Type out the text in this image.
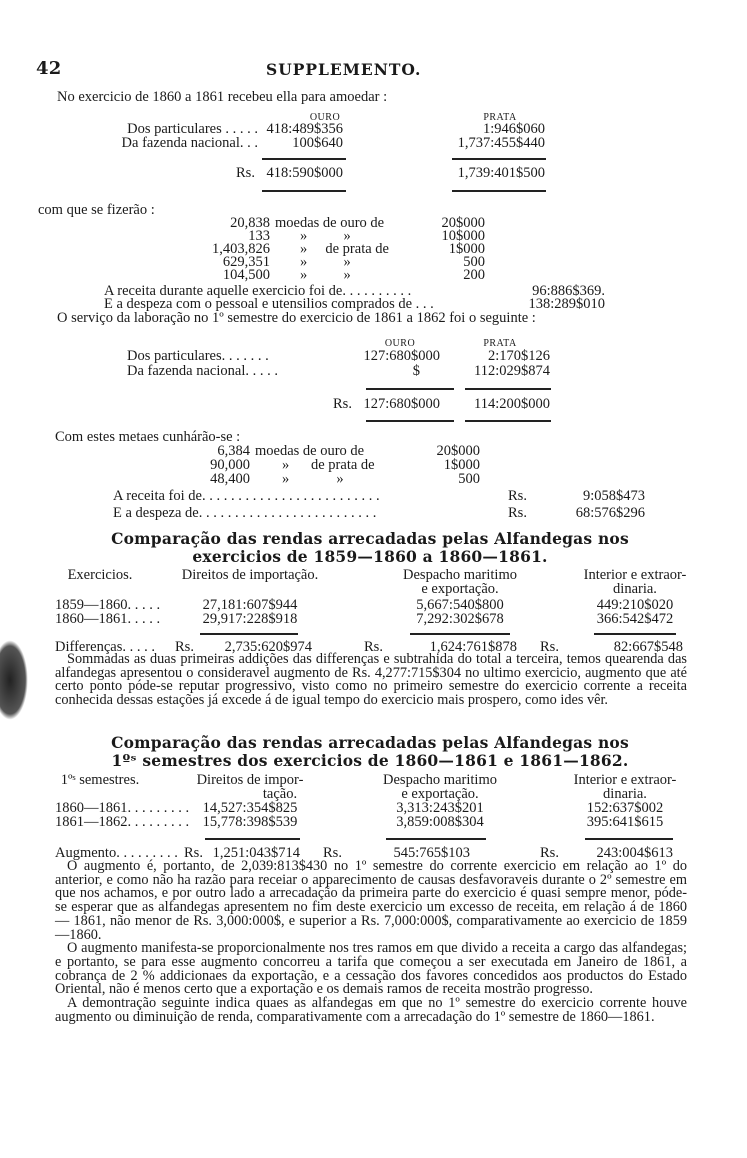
42	SUPPLEMENTO.
No exercicio de 1860 a 1861 recebeu ella para amoedar :
OURO	PRATA
Dos particulares . . . . . 418:489$356	1:946$060
Da fazenda nacional. . .	100$640	1,737:455$440
Rs. 418:590$000	1,739:401$500
com que se fizerão :
20,838 moedas de ouro de	20$000
133 »          »	10$000
1,403,826 »     de prata de	1$000
629,351 »          »	500
104,500 »          »	200
A receita durante aquelle exercicio foi de. . . . . . . . . .	96:886$369.
E a despeza com o pessoal e utensilios comprados de . . .	138:289$010
O serviço da laboração no 1º semestre do exercicio de 1861 a 1862 foi o seguinte :
OURO	PRATA
Dos particulares. . . . . . .	127:680$000	2:170$126
Da fazenda nacional. . . . .	$	112:029$874
Rs. 127:680$000	114:200$000
Com estes metaes cunhárão-se :
6,384 moedas de ouro de	20$000
90,000 »      de prata de	1$000
48,400 »             »	500
A receita foi de. . . . . . . . . . . . . . . . . . . . . . . . .	Rs.	9:058$473
E a despeza de. . . . . . . . . . . . . . . . . . . . . . . . .	Rs.	68:576$296
Comparação das rendas arrecadadas pelas Alfandegas nos
exercicios de 1859—1860 a 1860—1861.
Exercicios.	Direitos de importação.	Despacho maritimo	Interior e extraor-
e exportação.	dinaria.
1859—1860. . . . .	27,181:607$944	5,667:540$800	449:210$020
1860—1861. . . . .	29,917:228$918	7,292:302$678	366:542$472
Differenças. . . . . Rs.	2,735:620$974	Rs.	1,624:761$878 Rs.	82:667$548

Sommadas as duas primeiras addições das differenças e subtrahida do total a terceira, temos quearenda das alfandegas apresentou o consideravel augmento de Rs. 4,277:715$304 no ultimo exercicio, augmento que até certo ponto póde-se reputar progressivo, visto como no primeiro semestre do exercicio corrente a receita conhecida dessas estações já excede á de igual tempo do exercicio mais prospero, como ides vêr.

Comparação das rendas arrecadadas pelas Alfandegas nos
1ºˢ semestres dos exercicios de 1860—1861 e 1861—1862.
1ºˢ semestres.	Direitos de impor-	Despacho maritimo	Interior e extraor-
tação.	e exportação.	dinaria.
1860—1861. . . . . . . . . 14,527:354$825	3,313:243$201	152:637$002
1861—1862. . . . . . . . . 15,778:398$539	3,859:008$304	395:641$615
Augmento. . . . . . . . . Rs. 1,251:043$714 Rs.	545:765$103	Rs.	243:004$613

O augmento é, portanto, de 2,039:813$430 no 1º semestre do corrente exercicio em relação ao 1º do anterior, e como não ha razão para receiar o apparecimento de causas desfavoraveis durante o 2º semestre em que nos achamos, e por outro lado a arrecadação da primeira parte do exercicio é quasi sempre menor, póde-se esperar que as alfandegas apresentem no fim deste exercicio um excesso de receita, em relação á de 1860 — 1861, não menor de Rs. 3,000:000$, e superior a Rs. 7,000:000$, comparativamente ao exercicio de 1859—1860.

O augmento manifesta-se proporcionalmente nos tres ramos em que divido a receita a cargo das alfandegas; e portanto, se para esse augmento concorreu a tarifa que começou a ser executada em Janeiro de 1861, a cobrança de 2 % addicionaes da exportação, e a cessação dos favores concedidos aos productos do Estado Oriental, não é menos certo que a exportação e os demais ramos de receita mostrão progresso.

A demontração seguinte indica quaes as alfandegas em que no 1º semestre do exercicio corrente houve augmento ou diminuição de renda, comparativamente com a arrecadação do 1º semestre de 1860—1861.
